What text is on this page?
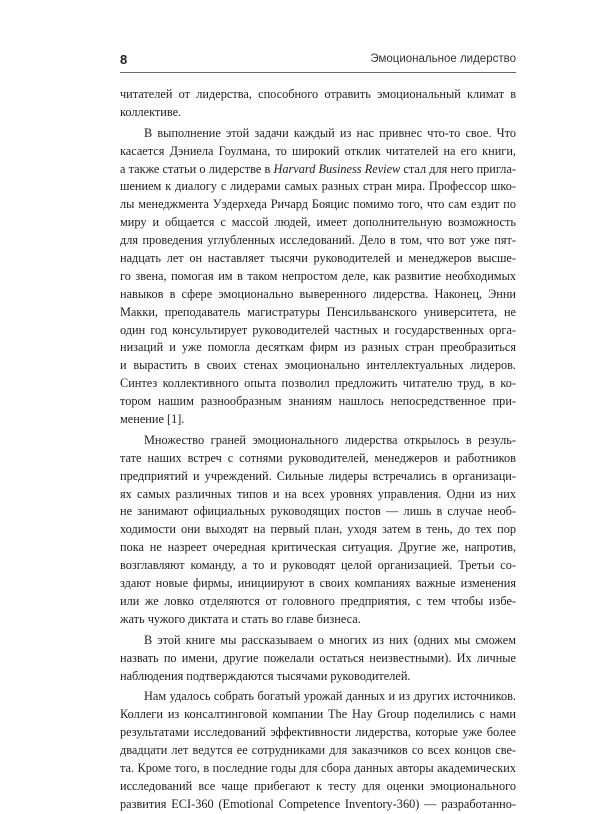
8	Эмоциональное лидерство
читателей от лидерства, способного отравить эмоциональный климат в
коллективе.
В выполнение этой задачи каждый из нас привнес что-то свое. Что
касается Дэниела Гоулмана, то широкий отклик читателей на его книги,
а также статьи о лидерстве в Harvard Business Review стал для него пригла-
шением к диалогу с лидерами самых разных стран мира. Профессор шко-
лы менеджмента Уэдерхеда Ричард Бояцис помимо того, что сам ездит по
миру и общается с массой людей, имеет дополнительную возможность
для проведения углубленных исследований. Дело в том, что вот уже пят-
надцать лет он наставляет тысячи руководителей и менеджеров высше-
го звена, помогая им в таком непростом деле, как развитие необходимых
навыков в сфере эмоционально выверенного лидерства. Наконец, Энни
Макки, преподаватель магистратуры Пенсильванского университета, не
один год консультирует руководителей частных и государственных орга-
низаций и уже помогла десяткам фирм из разных стран преобразиться
и вырастить в своих стенах эмоционально интеллектуальных лидеров.
Синтез коллективного опыта позволил предложить читателю труд, в ко-
тором нашим разнообразным знаниям нашлось непосредственное при-
менение [1].
Множество граней эмоционального лидерства открылось в резуль-
тате наших встреч с сотнями руководителей, менеджеров и работников
предприятий и учреждений. Сильные лидеры встречались в организаци-
ях самых различных типов и на всех уровнях управления. Одни из них
не занимают официальных руководящих постов — лишь в случае необ-
ходимости они выходят на первый план, уходя затем в тень, до тех пор
пока не назреет очередная критическая ситуация. Другие же, напротив,
возглавляют команду, а то и руководят целой организацией. Третьи со-
здают новые фирмы, инициируют в своих компаниях важные изменения
или же ловко отделяются от головного предприятия, с тем чтобы избе-
жать чужого диктата и стать во главе бизнеса.
В этой книге мы рассказываем о многих из них (одних мы сможем
назвать по имени, другие пожелали остаться неизвестными). Их личные
наблюдения подтверждаются тысячами руководителей.
Нам удалось собрать богатый урожай данных и из других источников.
Коллеги из консалтинговой компании The Hay Group поделились с нами
результатами исследований эффективности лидерства, которые уже более
двадцати лет ведутся ее сотрудниками для заказчиков со всех концов све-
та. Кроме того, в последние годы для сбора данных авторы академических
исследований все чаще прибегают к тесту для оценки эмоционального
развития ECI-360 (Emotional Competence Inventory-360) — разработанно-
